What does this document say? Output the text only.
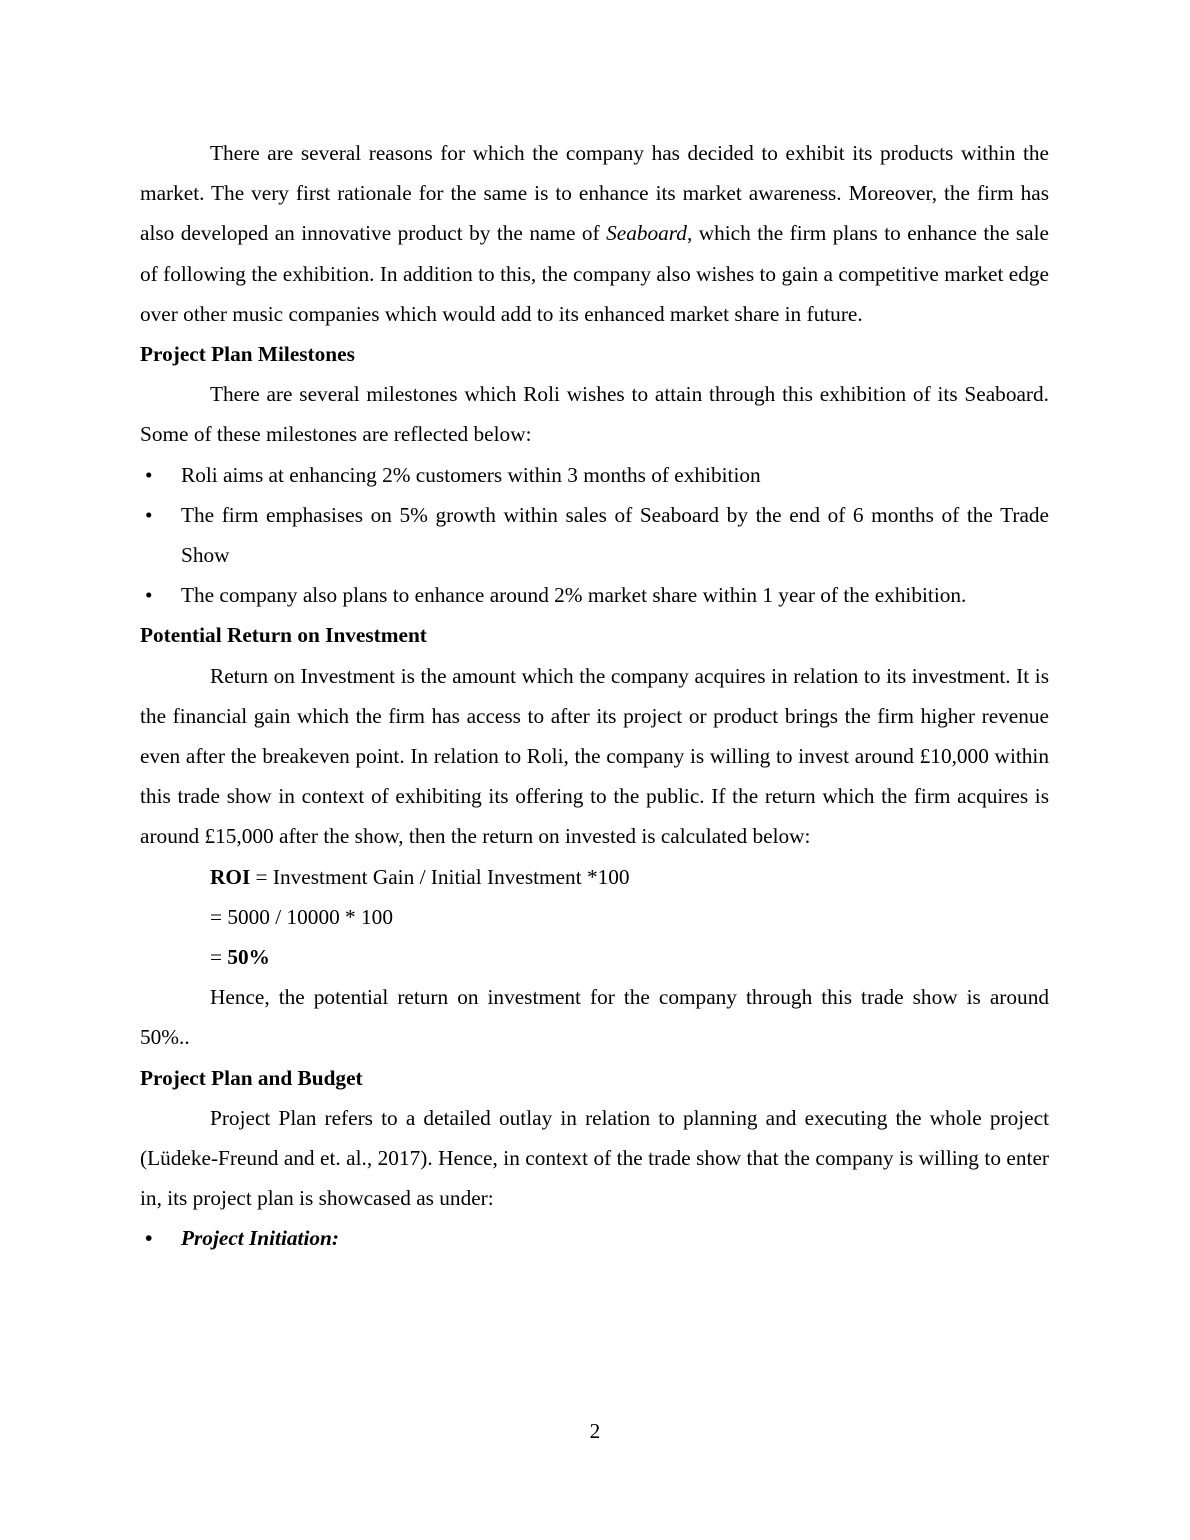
There are several reasons for which the company has decided to exhibit its products within the market. The very first rationale for the same is to enhance its market awareness. Moreover, the firm has also developed an innovative product by the name of Seaboard, which the firm plans to enhance the sale of following the exhibition. In addition to this, the company also wishes to gain a competitive market edge over other music companies which would add to its enhanced market share in future.

Project Plan Milestones

There are several milestones which Roli wishes to attain through this exhibition of its Seaboard. Some of these milestones are reflected below:

• Roli aims at enhancing 2% customers within 3 months of exhibition
• The firm emphasises on 5% growth within sales of Seaboard by the end of 6 months of the Trade Show
• The company also plans to enhance around 2% market share within 1 year of the exhibition.
Potential Return on Investment

Return on Investment is the amount which the company acquires in relation to its investment. It is the financial gain which the firm has access to after its project or product brings the firm higher revenue even after the breakeven point. In relation to Roli, the company is willing to invest around £10,000 within this trade show in context of exhibiting its offering to the public. If the return which the firm acquires is around £15,000 after the show, then the return on invested is calculated below:

ROI = Investment Gain / Initial Investment *100
= 5000 / 10000 * 100
= 50%

Hence, the potential return on investment for the company through this trade show is around 50%..

Project Plan and Budget

Project Plan refers to a detailed outlay in relation to planning and executing the whole project (Lüdeke-Freund and et. al., 2017). Hence, in context of the trade show that the company is willing to enter in, its project plan is showcased as under:

• Project Initiation:
2
